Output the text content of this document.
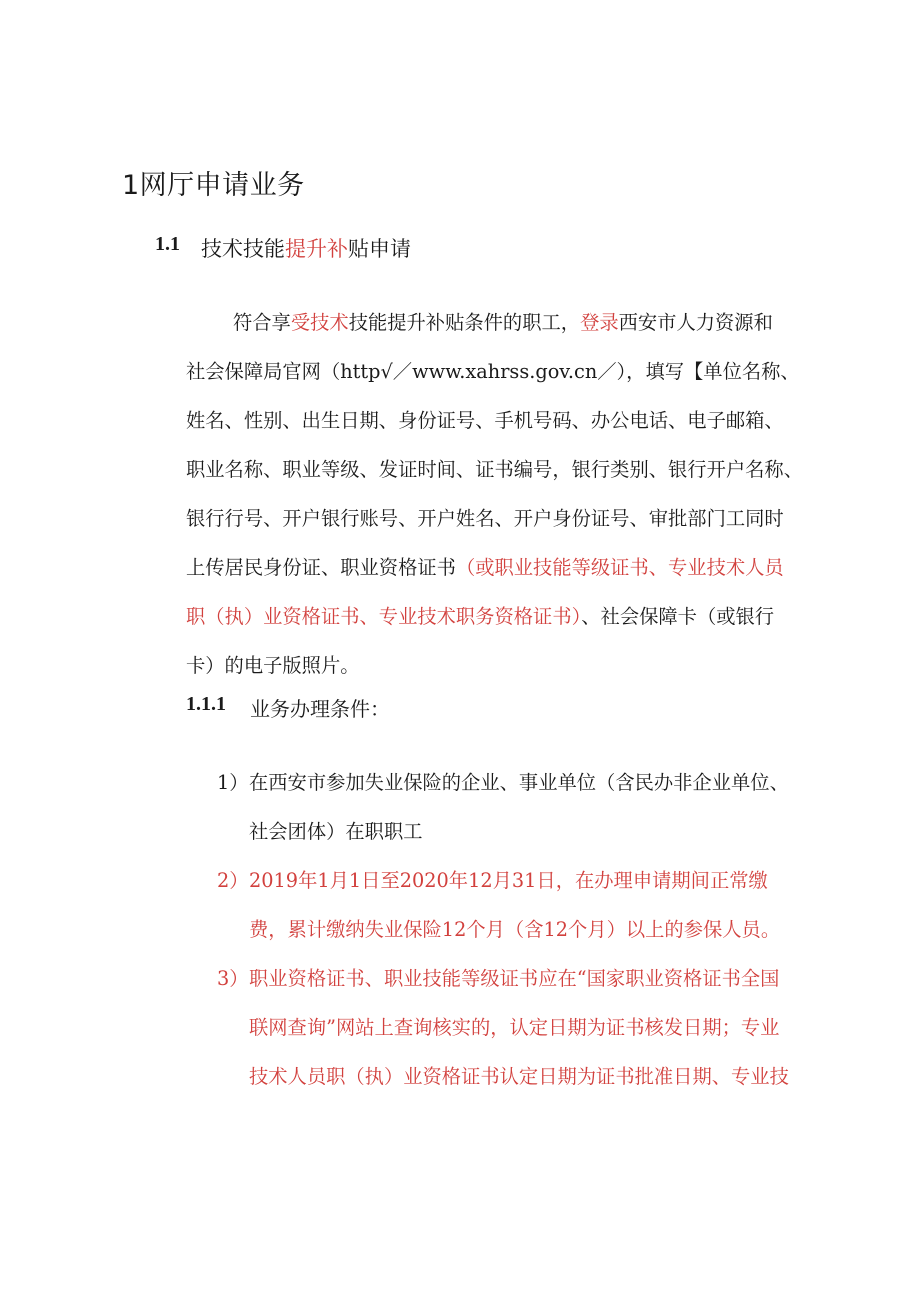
1网厅申请业务
1.1 技术技能提升补贴申请
符合享受技术技能提升补贴条件的职工，登录西安市人力资源和
社会保障局官网（http√／www.xahrss.gov.cn／），填写【单位名称、
姓名、性别、出生日期、身份证号、手机号码、办公电话、电子邮箱、
职业名称、职业等级、发证时间、证书编号，银行类别、银行开户名称、
银行行号、开户银行账号、开户姓名、开户身份证号、审批部门工同时
上传居民身份证、职业资格证书（或职业技能等级证书、专业技术人员
职（执）业资格证书、专业技术职务资格证书）、社会保障卡（或银行
卡）的电子版照片。
1.1.1 业务办理条件：
1） 在西安市参加失业保险的企业、事业单位（含民办非企业单位、
社会团体）在职职工
2） 2019年1月1日至2020年12月31日，在办理申请期间正常缴
费，累计缴纳失业保险12个月（含12个月）以上的参保人员。
3） 职业资格证书、职业技能等级证书应在“国家职业资格证书全国
联网查询”网站上查询核实的，认定日期为证书核发日期；专业
技术人员职（执）业资格证书认定日期为证书批准日期、专业技
